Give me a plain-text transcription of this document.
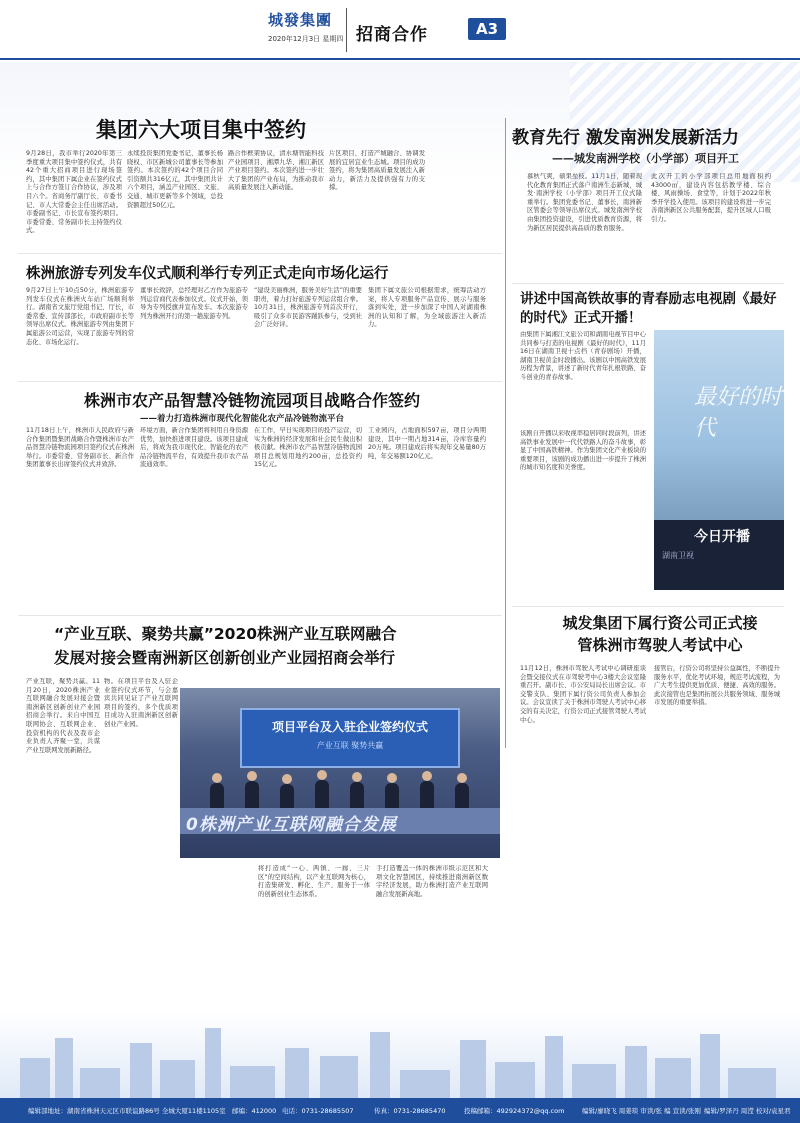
城發集團
2020年12月3日 星期四 招商合作	A3
集团六大项目集中签约
9月28日，我市举行2020年第三季度重大项目集中签约仪式，共有42个重大招商项目进行现场签约，其中集团下属企业在签约仪式上与合作方签订合作协议，涉及项目六个。省商务厅副厅长、市委书记、市人大常委会主任出席活动。市委副书记、市长宣布签约项目。市委常委、常务副市长主持签约仪式。
永续投资集团党委书记、董事长杨晓权、市区新城公司董事长等参加签约。本次签约的42个项目合同引资额共316亿元，其中集团共计六个项目，涵盖产业园区、文旅、交通、城市更新等多个领域，总投资额超过50亿元。
路合作框架协议，清水塘智能科技产业园项目、湘潭九华、湘江新区产业项目签约。本次签约进一步壮大了集团的产业布局，为推动我市高质量发展注入新动能。
片区项目、打造产城融合、协调发展的宜居宜业生态城。项目的成功签约，将为集团高质量发展注入新动力，新活力及提供强有力的支撑。
教育先行 激发南洲发展新活力
——城发南洲学校（小学部）项目开工
慕秋气爽，硕果垒枝。11月1日，随着现代化教育集团正式落户南洲生态新城，城发·南洲学校（小学部）项目开工仪式隆重举行。集团党委书记、董事长，南洲新区管委会等领导出席仪式。城发南洲学校由集团投资建设，引进优质教育资源，将为新区居民提供高品质的教育服务。
此次开工的小学部项目总用地面积约43000㎡，建设内容包括教学楼、综合楼、风雨操场、食堂等，计划于2022年秋季开学投入使用。该项目的建设将进一步完善南洲新区公共服务配套，提升区域人口吸引力。
株洲旅游专列发车仪式顺利举行专列正式走向市场化运行
9月27日上午10点50分，株洲旅游专列发车仪式在株洲火车站广场顺利举行。湖南省文旅厅党组书记、厅长，市委常委、宣传部部长，市政府副市长等领导出席仪式。株洲旅游专列由集团下属旅游公司运营，实现了旅游专列的常态化、市场化运行。
董事长致辞，总经理对乙方作为旅游专列运营商代表参加仪式。仪式开始，领导为专列授旗并宣布发车。本次旅游专列为株洲开行的第一趟旅游专列。
“建设美丽株洲，服务美好生活”的重要职责，着力打好旅游专列运营组合拳。10月31日，株洲旅游专列首次开行，吸引了众多市民游客踊跃参与，受到社会广泛好评。
集团下属文旅公司根据需求，统筹活动方案，将人专项服务产品宣传、展示与服务落到实处，进一步加深了中国人对湖南株洲的认知和了解，为全域旅游注入新活力。
讲述中国高铁故事的青春励志电视剧《最好的时代》正式开播！
由集团下属湘江文旅公司和湖南电视节目中心共同参与打造的电视剧《最好的时代》，11月16日在湖南卫视十点档（青春剧场）开播，湖南卫视黄金时段播出。该剧以中国高铁发展历程为背景，讲述了新时代青年扎根铁路、奋斗创业的青春故事。
该剧自开播以来收视率稳居同时段前列，讲述高铁事业发展中一代代铁路人的奋斗故事，彰显了中国高铁精神。作为集团文化产业板块的重要项目，该剧的成功播出进一步提升了株洲的城市知名度和美誉度。
最好的时代
今日开播
湖南卫视
株洲市农产品智慧冷链物流园项目战略合作签约
——着力打造株洲市现代化智能化农产品冷链物流平台
11月18日上午，株洲市人民政府与新合作集团暨集团战略合作暨株洲市农产品智慧冷链物流园项目签约仪式在株洲举行。市委常委、常务副市长、新合作集团董事长出席签约仪式并致辞。
环境方面，新合作集团将利用自身资源优势，加快推进项目建设。该项目建成后，将成为我市现代化、智能化的农产品冷链物流平台，有效提升我市农产品流通效率。
在工作，早日实现项目的投产运营，切实为株洲的经济发展和社会民生做出积极贡献。株洲市农产品智慧冷链物流园项目总规划用地约200亩，总投资约15亿元。
工业园内，占地面积597亩，项目分两期建设，其中一期占地314亩，冷库容量约20万吨。项目建成后将实现年交易量80万吨，年交易额120亿元。
城发集团下属行资公司正式接管株洲市驾驶人考试中心
11月12日，株洲市驾驶人考试中心调研座谈会暨交接仪式在市驾驶考中心3楼大会议室隆重召开。副市长、市公安局局长出席会议。市交警支队、集团下属行资公司负责人参加会议。会议宣读了关于株洲市驾驶人考试中心移交的有关决定，行资公司正式接管驾驶人考试中心。
接管后，行资公司将坚持公益属性，不断提升服务水平，优化考试环境，规范考试流程，为广大考生提供更加优质、便捷、高效的服务。此次接管也是集团拓展公共服务领域、服务城市发展的重要举措。
“产业互联、聚势共赢”2020株洲产业互联网融合
发展对接会暨南洲新区创新创业产业园招商会举行
产业互联，聚势共赢。11月20日，2020株洲产业互联网融合发展对接会暨南洲新区创新创业产业园招商会举行。来自中国互联网协会、互联网企业、投资机构的代表及我市企业负责人齐聚一堂，共谋产业互联网发展新路径。
物。在项目平台及入驻企业签约仪式环节，与会嘉宾共同见证了产业互联网项目的签约，多个优质项目成功入驻南洲新区创新创业产业园。
将打造成“一心、两镇、一廊、三片区”的空间结构，以产业互联网为核心，打造集研发、孵化、生产、服务于一体的创新创业生态体系。
手打造覆盖一体的株洲市级示范区和大项文化智慧园区，持续推进南洲新区数字经济发展，助力株洲打造产业互联网融合发展新高地。
项目平台及入驻企业签约仪式
产业互联 聚势共赢
0株洲产业互联网融合发展
编辑部地址：湖南省株洲天元区市联谊路86号 全城大厦11楼1105室 邮编：412000 电话：0731-28685507	传真：0731-28685470	投稿邮箱：492924372@qq.com	编辑/廖晓飞 周姜琰 审读/张 编 宣读/张刚 编辑/罗泽丹 周滢 校对/袁星君
